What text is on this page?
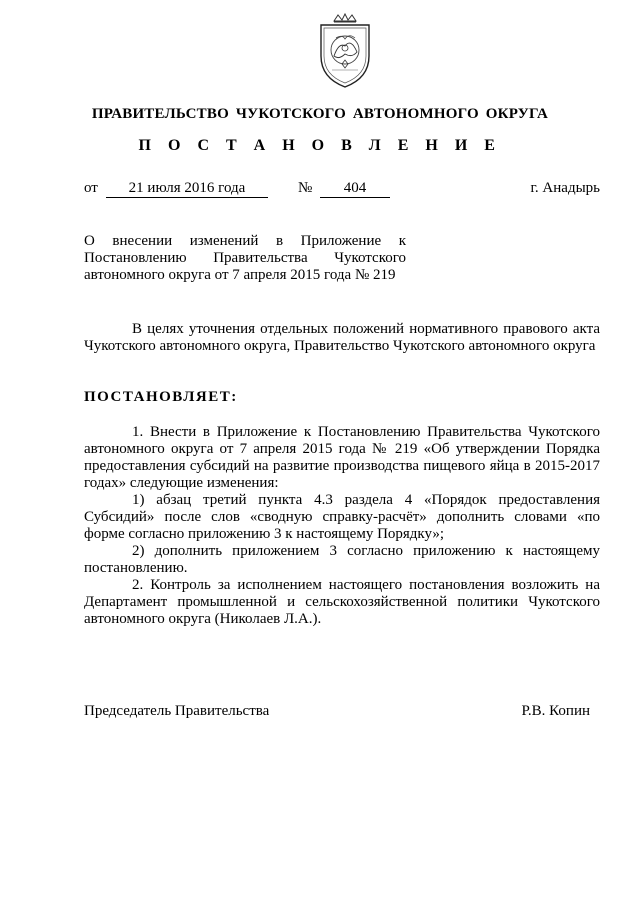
ПРАВИТЕЛЬСТВО ЧУКОТСКОГО АВТОНОМНОГО ОКРУГА
П О С Т А Н О В Л Е Н И Е
от	21 июля 2016 года	№	404	г. Анадырь
О внесении изменений в Приложение к Постановлению Правительства Чукотского автономного округа от 7 апреля 2015 года № 219
В целях уточнения отдельных положений нормативного правового акта Чукотского автономного округа, Правительство Чукотского автономного округа
ПОСТАНОВЛЯЕТ:

1. Внести в Приложение к Постановлению Правительства Чукотского автономного округа от 7 апреля 2015 года № 219 «Об утверждении Порядка предоставления субсидий на развитие производства пищевого яйца в 2015-2017 годах» следующие изменения:

1) абзац третий пункта 4.3 раздела 4 «Порядок предоставления Субсидий» после слов «сводную справку-расчёт» дополнить словами «по форме согласно приложению 3 к настоящему Порядку»;

2) дополнить приложением 3 согласно приложению к настоящему постановлению.

2. Контроль за исполнением настоящего постановления возложить на Департамент промышленной и сельскохозяйственной политики Чукотского автономного округа (Николаев Л.А.).

Председатель Правительства	Р.В. Копин
